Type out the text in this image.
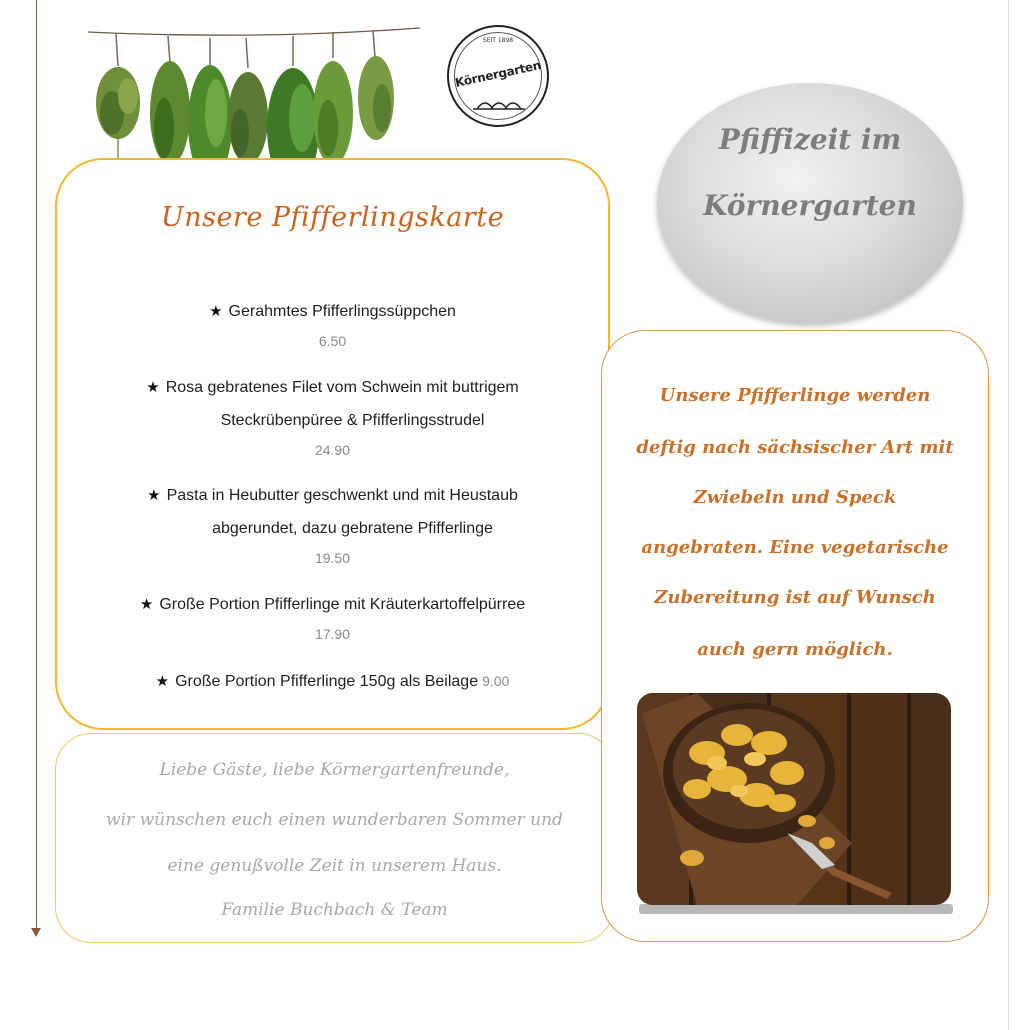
SEIT 1898
Körnergarten
Pfiffizeit im
Körnergarten
Unsere Pfifferlingskarte
★ Gerahmtes Pfifferlingssüppchen
6.50
★ Rosa gebratenes Filet vom Schwein mit buttrigem
Steckrübenpüree & Pfifferlingsstrudel
24.90
★ Pasta in Heubutter geschwenkt und mit Heustaub
abgerundet, dazu gebratene Pfifferlinge
19.50
★ Große Portion Pfifferlinge mit Kräuterkartoffelpürree
17.90
★ Große Portion Pfifferlinge 150g als Beilage 9.00
Liebe Gäste, liebe Körnergartenfreunde,
wir wünschen euch einen wunderbaren Sommer und
eine genußvolle Zeit in unserem Haus.
Familie Buchbach & Team
Unsere Pfifferlinge werden
deftig nach sächsischer Art mit
Zwiebeln und Speck
angebraten. Eine vegetarische
Zubereitung ist auf Wunsch
auch gern möglich.
